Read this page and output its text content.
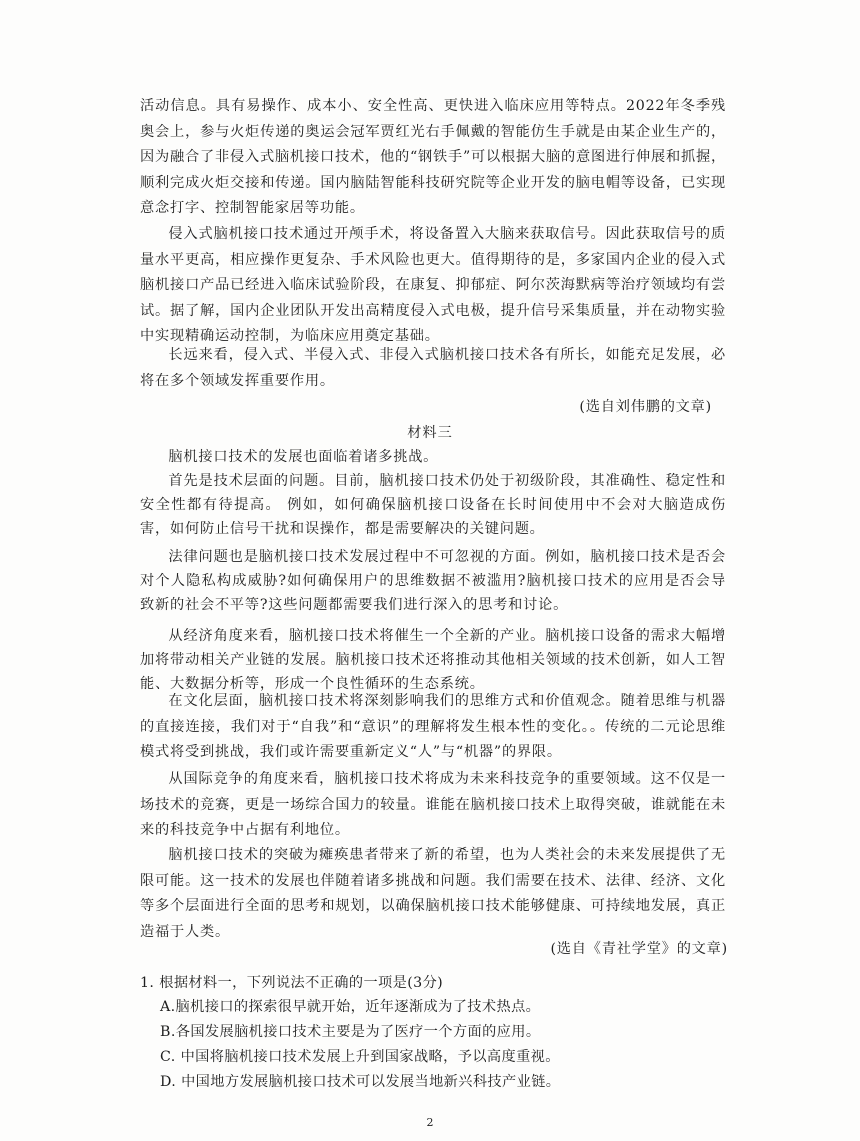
活动信息。具有易操作、成本小、安全性高、更快进入临床应用等特点。2022年冬季残奥会上，参与火炬传递的奥运会冠军贾红光右手佩戴的智能仿生手就是由某企业生产的，因为融合了非侵入式脑机接口技术，他的“钢铁手”可以根据大脑的意图进行伸展和抓握，顺利完成火炬交接和传递。国内脑陆智能科技研究院等企业开发的脑电帽等设备，已实现意念打字、控制智能家居等功能。

侵入式脑机接口技术通过开颅手术，将设备置入大脑来获取信号。因此获取信号的质量水平更高，相应操作更复杂、手术风险也更大。值得期待的是，多家国内企业的侵入式脑机接口产品已经进入临床试验阶段，在康复、抑郁症、阿尔茨海默病等治疗领域均有尝试。据了解，国内企业团队开发出高精度侵入式电极，提升信号采集质量，并在动物实验中实现精确运动控制，为临床应用奠定基础。

长远来看，侵入式、半侵入式、非侵入式脑机接口技术各有所长，如能充足发展，必将在多个领域发挥重要作用。

(选自刘伟鹏的文章)

材料三

脑机接口技术的发展也面临着诸多挑战。

首先是技术层面的问题。目前，脑机接口技术仍处于初级阶段，其准确性、稳定性和安全性都有待提高。 例如，如何确保脑机接口设备在长时间使用中不会对大脑造成伤害，如何防止信号干扰和误操作，都是需要解决的关键问题。

法律问题也是脑机接口技术发展过程中不可忽视的方面。例如，脑机接口技术是否会对个人隐私构成威胁?如何确保用户的思维数据不被滥用?脑机接口技术的应用是否会导致新的社会不平等?这些问题都需要我们进行深入的思考和讨论。

从经济角度来看，脑机接口技术将催生一个全新的产业。脑机接口设备的需求大幅增加将带动相关产业链的发展。脑机接口技术还将推动其他相关领域的技术创新，如人工智能、大数据分析等，形成一个良性循环的生态系统。

在文化层面，脑机接口技术将深刻影响我们的思维方式和价值观念。随着思维与机器的直接连接，我们对于“自我”和“意识”的理解将发生根本性的变化。。传统的二元论思维模式将受到挑战，我们或许需要重新定义“人”与“机器”的界限。

从国际竞争的角度来看，脑机接口技术将成为未来科技竞争的重要领域。这不仅是一场技术的竞赛，更是一场综合国力的较量。谁能在脑机接口技术上取得突破，谁就能在未来的科技竞争中占据有利地位。

脑机接口技术的突破为瘫痪患者带来了新的希望，也为人类社会的未来发展提供了无限可能。这一技术的发展也伴随着诸多挑战和问题。我们需要在技术、法律、经济、文化等多个层面进行全面的思考和规划，以确保脑机接口技术能够健康、可持续地发展，真正造福于人类。

(选自《青社学堂》的文章)

1. 根据材料一，下列说法不正确的一项是(3分)

A.脑机接口的探索很早就开始，近年逐渐成为了技术热点。

B.各国发展脑机接口技术主要是为了医疗一个方面的应用。

C. 中国将脑机接口技术发展上升到国家战略，予以高度重视。

D. 中国地方发展脑机接口技术可以发展当地新兴科技产业链。

2
